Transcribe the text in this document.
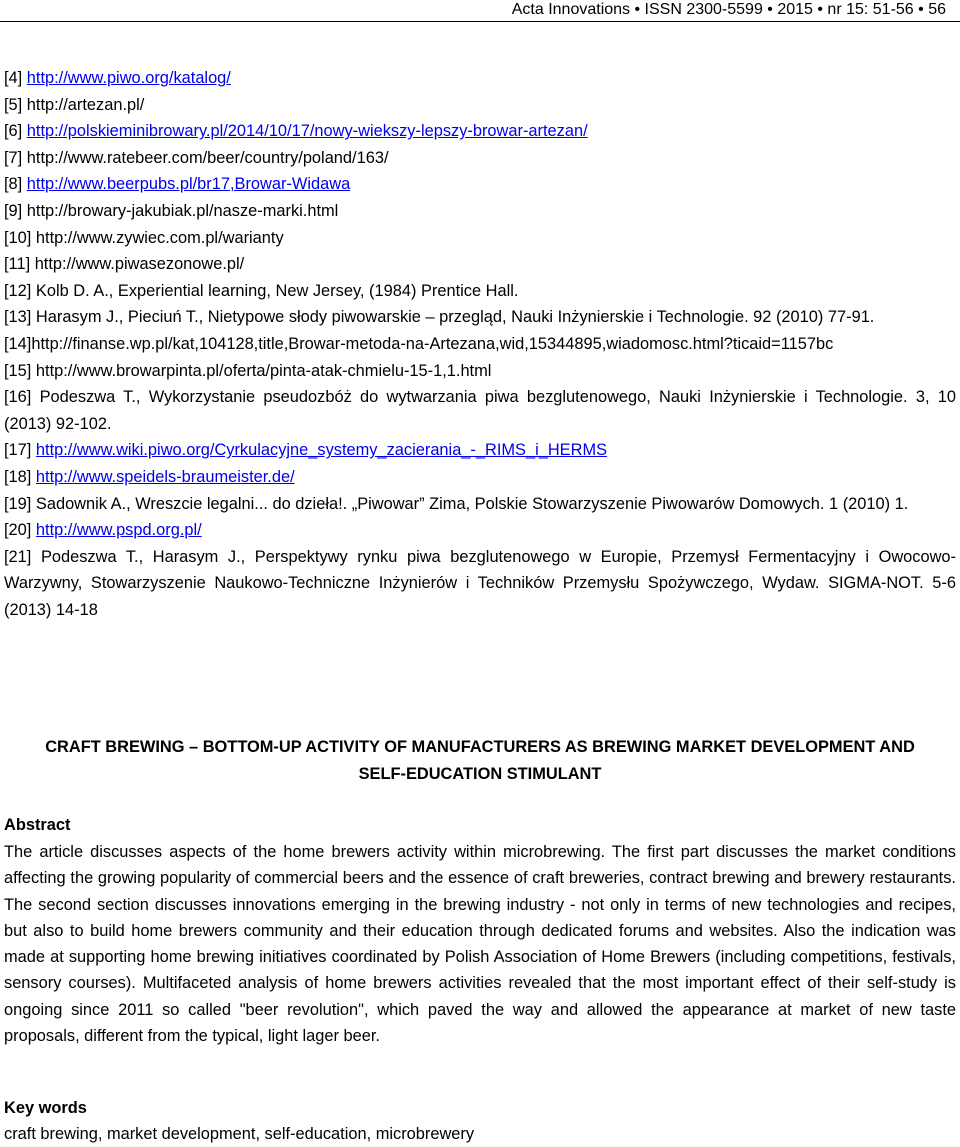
Acta Innovations • ISSN 2300-5599 • 2015 • nr 15: 51-56 • 56
[4] http://www.piwo.org/katalog/
[5] http://artezan.pl/
[6] http://polskieminibrowary.pl/2014/10/17/nowy-wiekszy-lepszy-browar-artezan/
[7] http://www.ratebeer.com/beer/country/poland/163/
[8] http://www.beerpubs.pl/br17,Browar-Widawa
[9] http://browary-jakubiak.pl/nasze-marki.html
[10] http://www.zywiec.com.pl/warianty
[11] http://www.piwasezonowe.pl/
[12] Kolb D. A., Experiential learning, New Jersey, (1984) Prentice Hall.
[13] Harasym J., Pieciuń T., Nietypowe słody piwowarskie – przegląd, Nauki Inżynierskie i Technologie. 92 (2010) 77-91.
[14]http://finanse.wp.pl/kat,104128,title,Browar-metoda-na-Artezana,wid,15344895,wiadomosc.html?ticaid=1157bc
[15] http://www.browarpinta.pl/oferta/pinta-atak-chmielu-15-1,1.html
[16] Podeszwa T., Wykorzystanie pseudozbóż do wytwarzania piwa bezglutenowego, Nauki Inżynierskie i Technologie. 3, 10 (2013) 92-102.
[17] http://www.wiki.piwo.org/Cyrkulacyjne_systemy_zacierania_-_RIMS_i_HERMS
[18] http://www.speidels-braumeister.de/
[19] Sadownik A., Wreszcie legalni... do dzieła!. „Piwowar” Zima, Polskie Stowarzyszenie Piwowarów Domowych. 1 (2010) 1.
[20] http://www.pspd.org.pl/
[21] Podeszwa T., Harasym J., Perspektywy rynku piwa bezglutenowego w Europie, Przemysł Fermentacyjny i Owocowo-Warzywny, Stowarzyszenie Naukowo-Techniczne Inżynierów i Techników Przemysłu Spożywczego, Wydaw. SIGMA-NOT. 5-6 (2013) 14-18
CRAFT BREWING – BOTTOM-UP ACTIVITY OF MANUFACTURERS AS BREWING MARKET DEVELOPMENT AND
SELF-EDUCATION STIMULANT
Abstract
The article discusses aspects of the home brewers activity within microbrewing. The first part discusses the market conditions affecting the growing popularity of commercial beers and the essence of craft breweries, contract brewing and brewery restaurants. The second section discusses innovations emerging in the brewing industry - not only in terms of new technologies and recipes, but also to build home brewers community and their education through dedicated forums and websites. Also the indication was made at supporting home brewing initiatives coordinated by Polish Association of Home Brewers (including competitions, festivals, sensory courses). Multifaceted analysis of home brewers activities revealed that the most important effect of their self-study is ongoing since 2011 so called "beer revolution", which paved the way and allowed the appearance at market of new taste proposals, different from the typical, light lager beer.
Key words
craft brewing, market development, self-education, microbrewery
